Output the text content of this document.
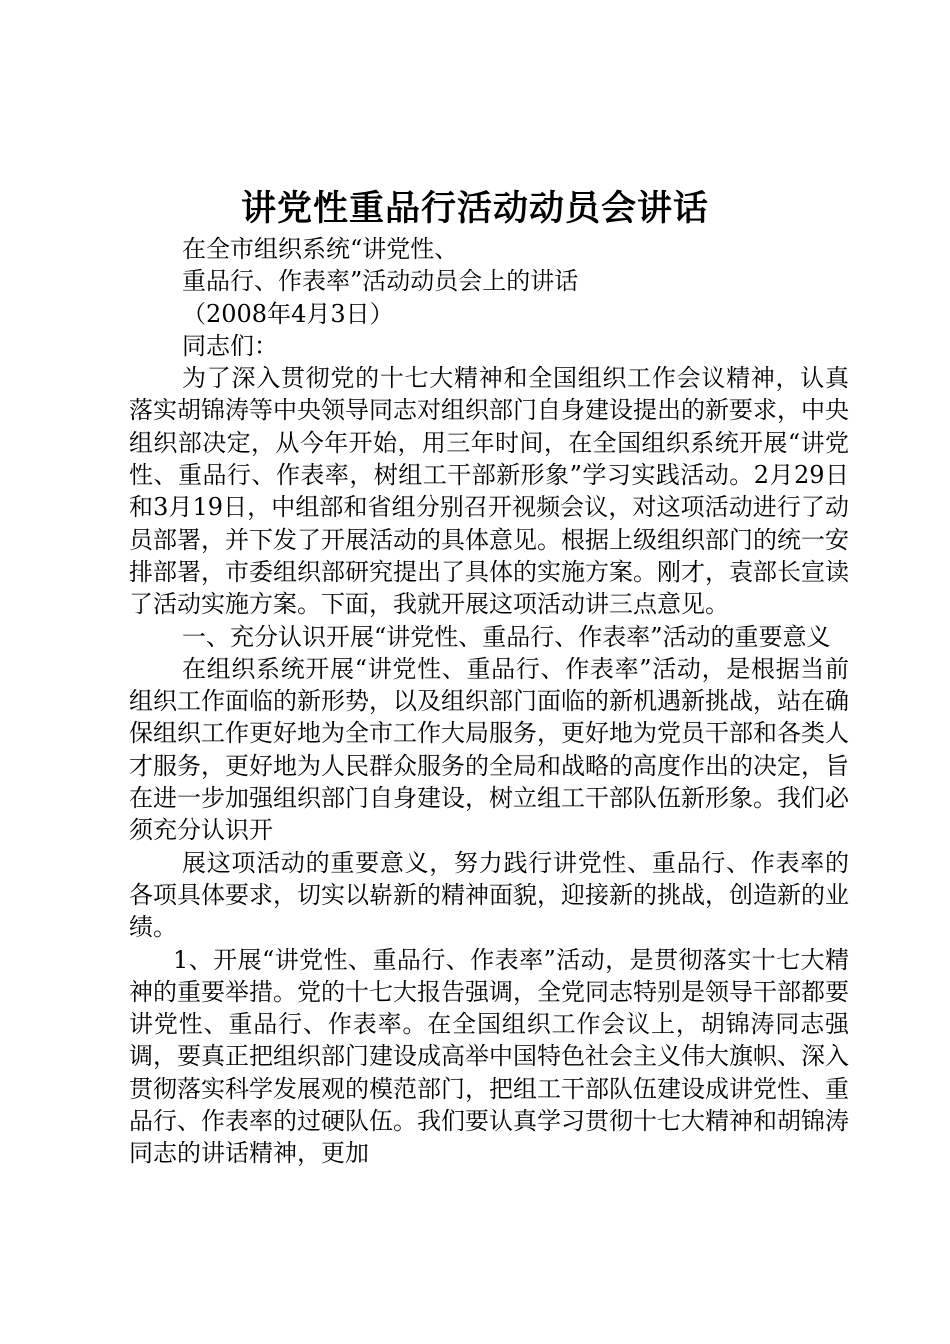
讲党性重品行活动动员会讲话

在全市组织系统“讲党性、

重品行、作表率”活动动员会上的讲话

（2008年4月3日）

同志们：

为了深入贯彻党的十七大精神和全国组织工作会议精神，认真落实胡锦涛等中央领导同志对组织部门自身建设提出的新要求，中央组织部决定，从今年开始，用三年时间，在全国组织系统开展“讲党性、重品行、作表率，树组工干部新形象”学习实践活动。2月29日和3月19日，中组部和省组分别召开视频会议，对这项活动进行了动员部署，并下发了开展活动的具体意见。根据上级组织部门的统一安排部署，市委组织部研究提出了具体的实施方案。刚才，袁部长宣读了活动实施方案。下面，我就开展这项活动讲三点意见。

一、充分认识开展“讲党性、重品行、作表率”活动的重要意义

在组织系统开展“讲党性、重品行、作表率”活动，是根据当前组织工作面临的新形势，以及组织部门面临的新机遇新挑战，站在确保组织工作更好地为全市工作大局服务，更好地为党员干部和各类人才服务，更好地为人民群众服务的全局和战略的高度作出的决定，旨在进一步加强组织部门自身建设，树立组工干部队伍新形象。我们必须充分认识开

展这项活动的重要意义，努力践行讲党性、重品行、作表率的各项具体要求，切实以崭新的精神面貌，迎接新的挑战，创造新的业绩。

1、开展“讲党性、重品行、作表率”活动，是贯彻落实十七大精神的重要举措。党的十七大报告强调，全党同志特别是领导干部都要讲党性、重品行、作表率。在全国组织工作会议上，胡锦涛同志强调，要真正把组织部门建设成高举中国特色社会主义伟大旗帜、深入贯彻落实科学发展观的模范部门，把组工干部队伍建设成讲党性、重品行、作表率的过硬队伍。我们要认真学习贯彻十七大精神和胡锦涛同志的讲话精神，更加
